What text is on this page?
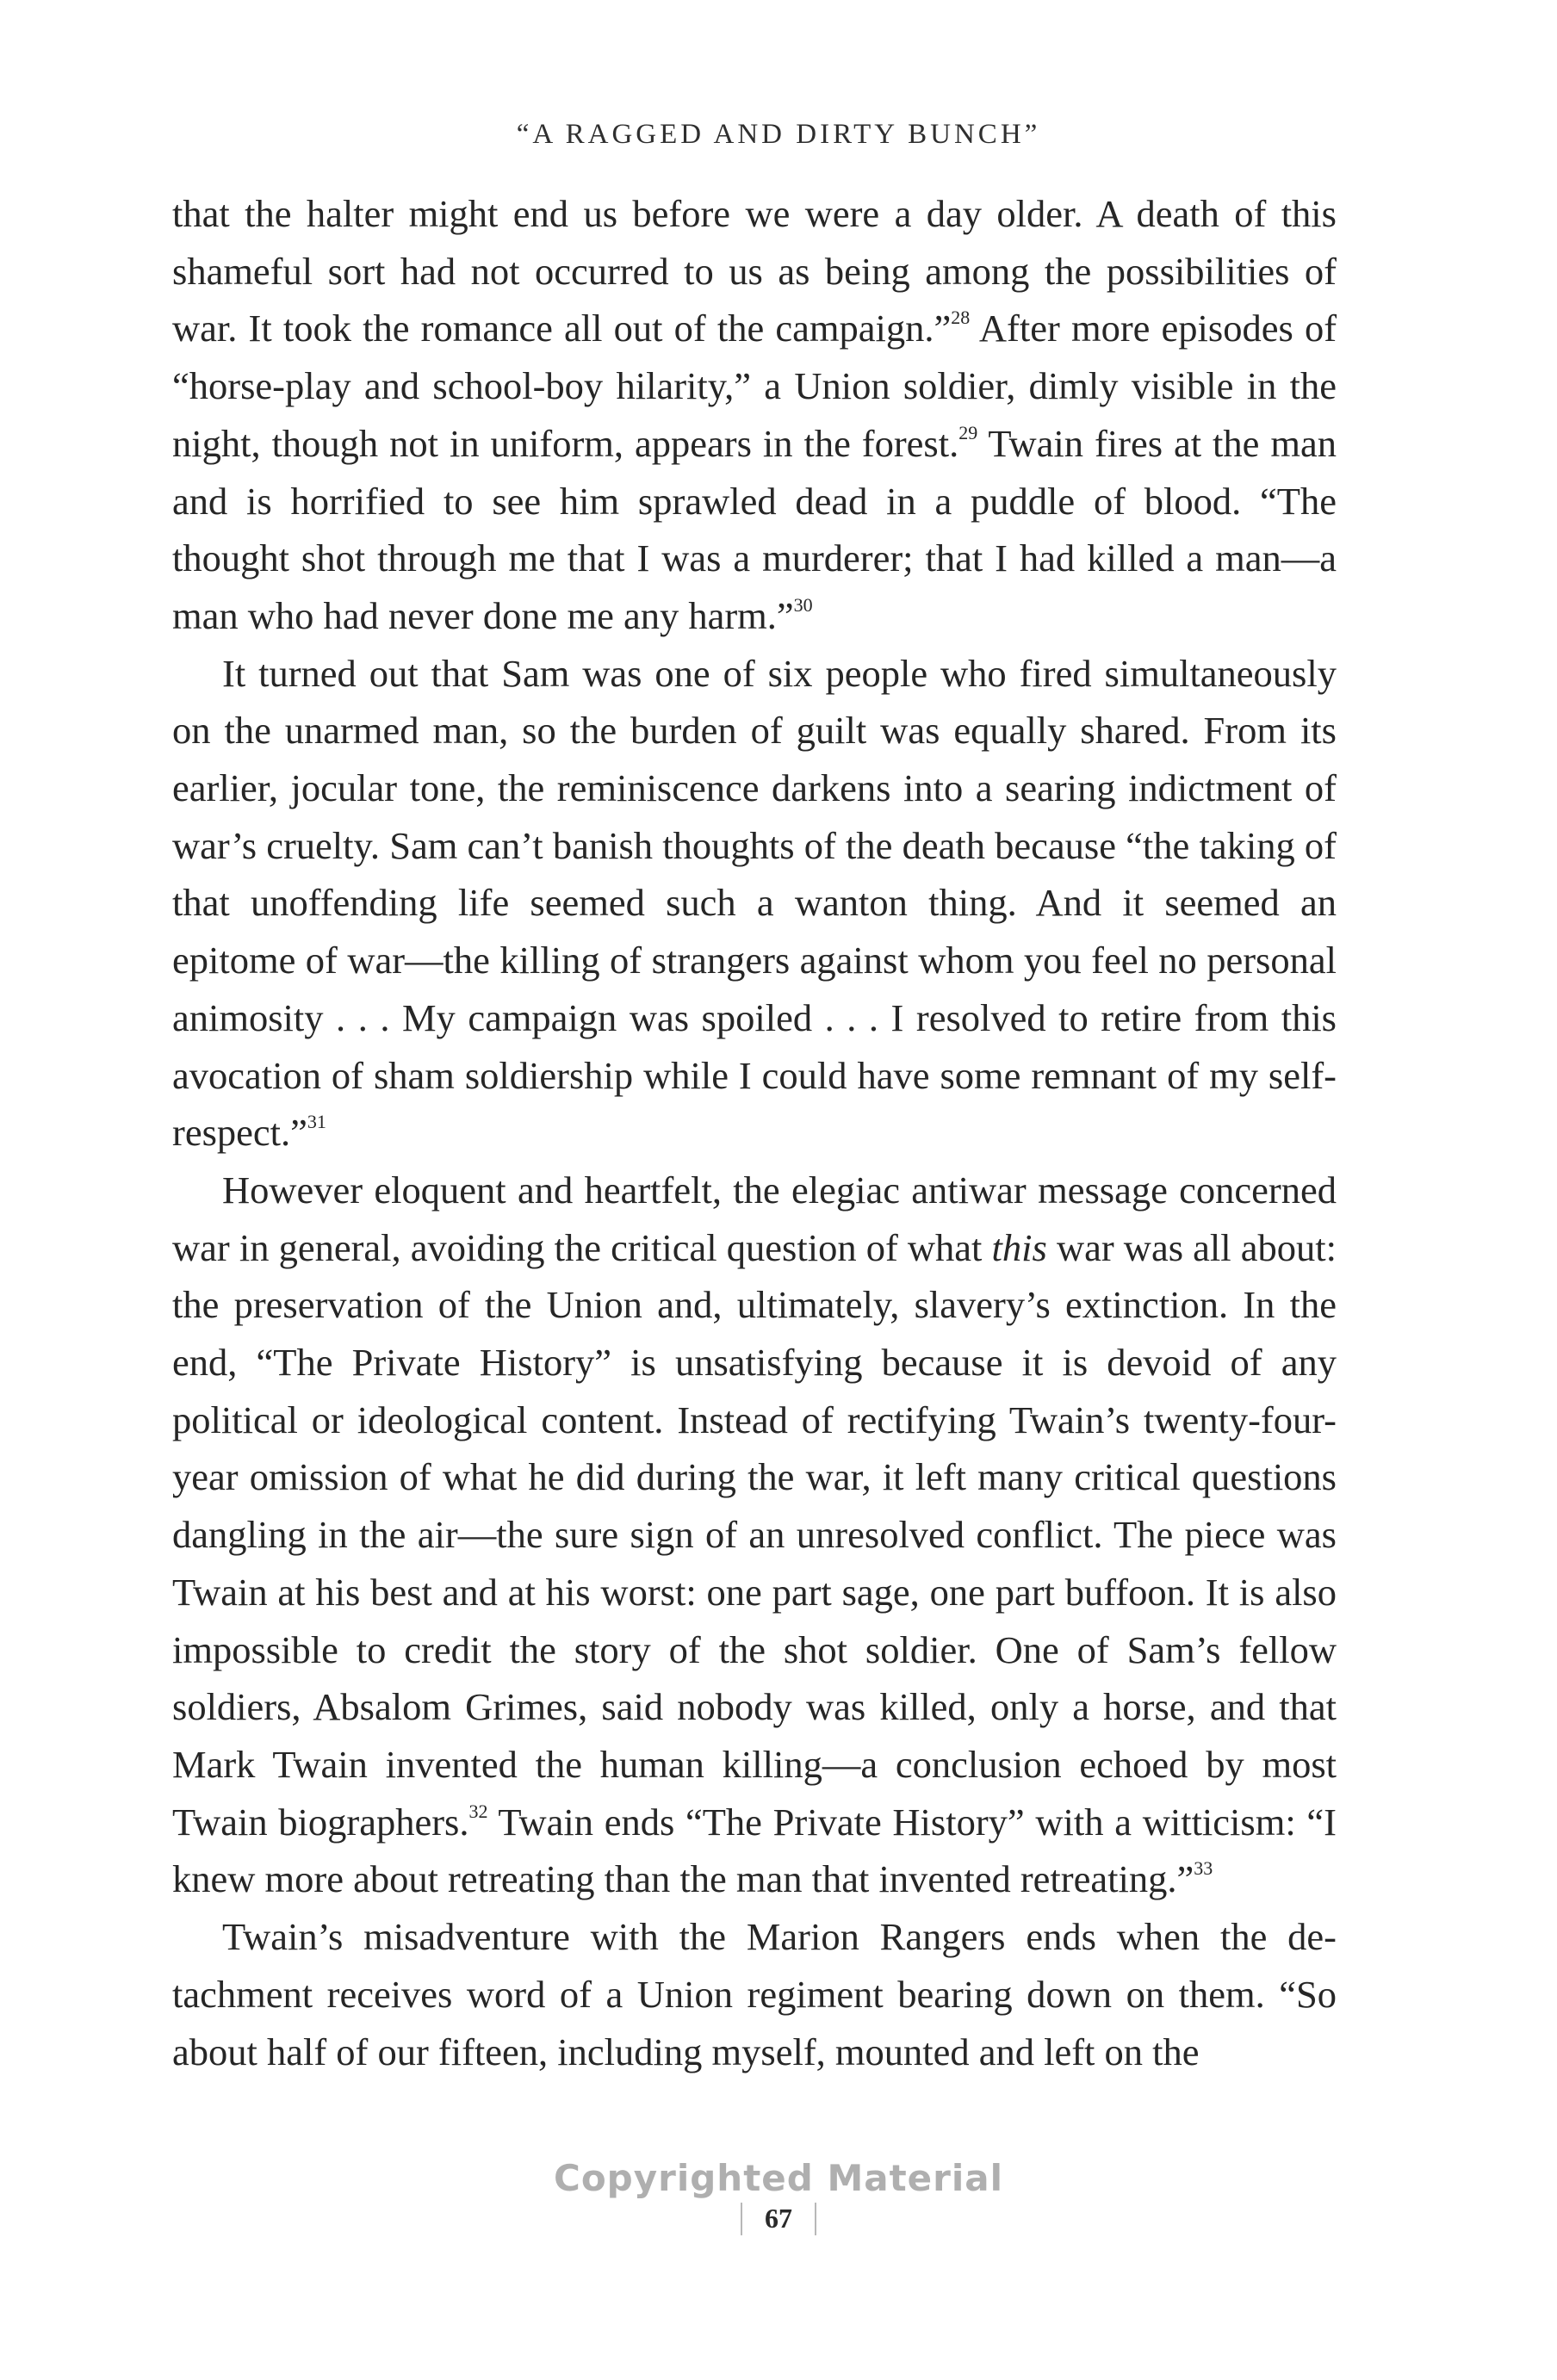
“A RAGGED AND DIRTY BUNCH”

that the halter might end us before we were a day older. A death of this shameful sort had not occurred to us as being among the possibilities of war. It took the romance all out of the campaign.”$^{28}$ After more episodes of “horse-play and school-boy hilarity,” a Union soldier, dimly visible in the night, though not in uniform, appears in the forest.$^{29}$ Twain fires at the man and is horrified to see him sprawled dead in a puddle of blood. “The thought shot through me that I was a murderer; that I had killed a man—a man who had never done me any harm.”$^{30}$

It turned out that Sam was one of six people who fired simultaneously on the unarmed man, so the burden of guilt was equally shared. From its earlier, jocular tone, the reminiscence darkens into a searing indictment of war’s cruelty. Sam can’t banish thoughts of the death because “the taking of that unoffending life seemed such a wanton thing. And it seemed an epitome of war—the killing of strangers against whom you feel no personal animosity . . . My campaign was spoiled . . . I resolved to retire from this avocation of sham soldiership while I could have some remnant of my self-respect.”$^{31}$

However eloquent and heartfelt, the elegiac antiwar message concerned war in general, avoiding the critical question of what this war was all about: the preservation of the Union and, ultimately, slavery’s extinction. In the end, “The Private History” is unsatisfying because it is devoid of any political or ideological content. Instead of rectifying Twain’s twenty-four-year omission of what he did during the war, it left many critical questions dangling in the air—the sure sign of an unresolved conflict. The piece was Twain at his best and at his worst: one part sage, one part buffoon. It is also impossible to credit the story of the shot soldier. One of Sam’s fellow soldiers, Absalom Grimes, said nobody was killed, only a horse, and that Mark Twain invented the human killing—a conclusion echoed by most Twain biographers.$^{32}$ Twain ends “The Private History” with a witticism: “I knew more about retreating than the man that invented retreating.”$^{33}$

Twain’s misadventure with the Marion Rangers ends when the detachment receives word of a Union regiment bearing down on them. “So about half of our fifteen, including myself, mounted and left on the

67
Copyrighted Material
